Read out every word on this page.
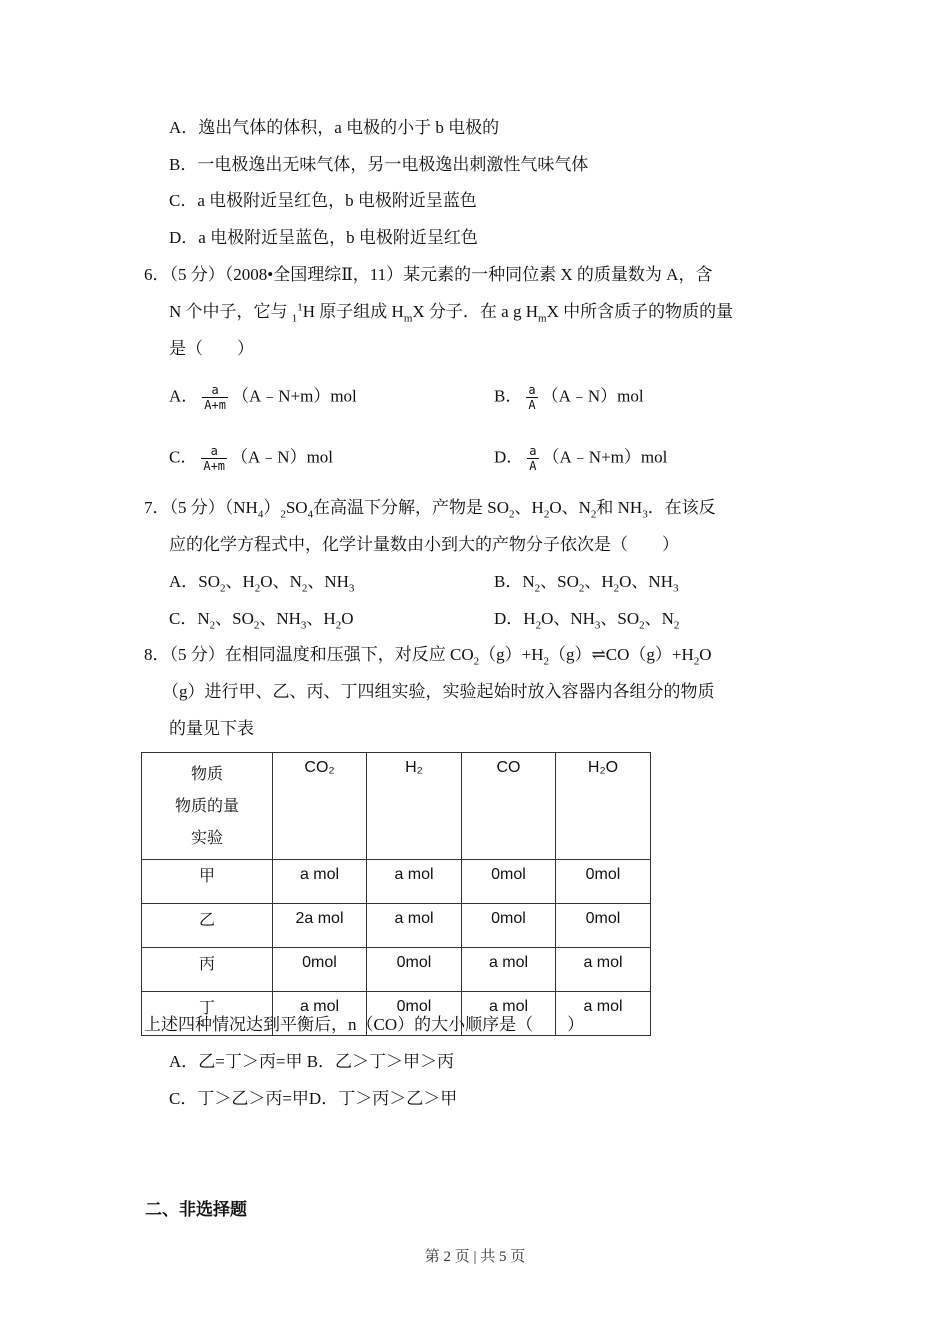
A．逸出气体的体积，a 电极的小于 b 电极的
B．一电极逸出无味气体，另一电极逸出刺激性气味气体
C．a 电极附近呈红色，b 电极附近呈蓝色
D．a 电极附近呈蓝色，b 电极附近呈红色
6．（5 分）（2008•全国理综Ⅱ，11）某元素的一种同位素 X 的质量数为 A，含
N 个中子，它与 $_1^1$H 原子组成 $H_mX$ 分子．在 a g $H_mX$ 中所含质子的物质的量
是（　　）
A． $\frac{a}{A+m}$ （A﹣N+m）mol	B． $\frac{a}{A}$ （A﹣N）mol
C． $\frac{a}{A+m}$ （A﹣N）mol	D． $\frac{a}{A}$ （A﹣N+m）mol
7．（5 分）$(NH_4)_2SO_4$在高温下分解，产物是 $SO_2$、$H_2O$、$N_2$和 $NH_3$．在该反
应的化学方程式中，化学计量数由小到大的产物分子依次是（　　）
A．$SO_2$、$H_2O$、$N_2$、$NH_3$	B．$N_2$、$SO_2$、$H_2O$、$NH_3$
C．$N_2$、$SO_2$、$NH_3$、$H_2O$	D．$H_2O$、$NH_3$、$SO_2$、$N_2$
8．（5 分）在相同温度和压强下，对反应 $CO_2(g)+H_2(g)\rightleftharpoons CO(g)+H_2O$
（g）进行甲、乙、丙、丁四组实验，实验起始时放入容器内各组分的物质
的量见下表
物质
物质的量
实验	CO₂	H₂	CO	H₂O
甲	a mol	a mol	0mol	0mol
乙	2a mol	a mol	0mol	0mol
丙	0mol	0mol	a mol	a mol
丁	a mol	0mol	a mol	a mol
上述四种情况达到平衡后，n（CO）的大小顺序是（　　）
A．乙=丁＞丙=甲 B．乙＞丁＞甲＞丙
C．丁＞乙＞丙=甲D．丁＞丙＞乙＞甲
二、非选择题
第 2 页 | 共 5 页
